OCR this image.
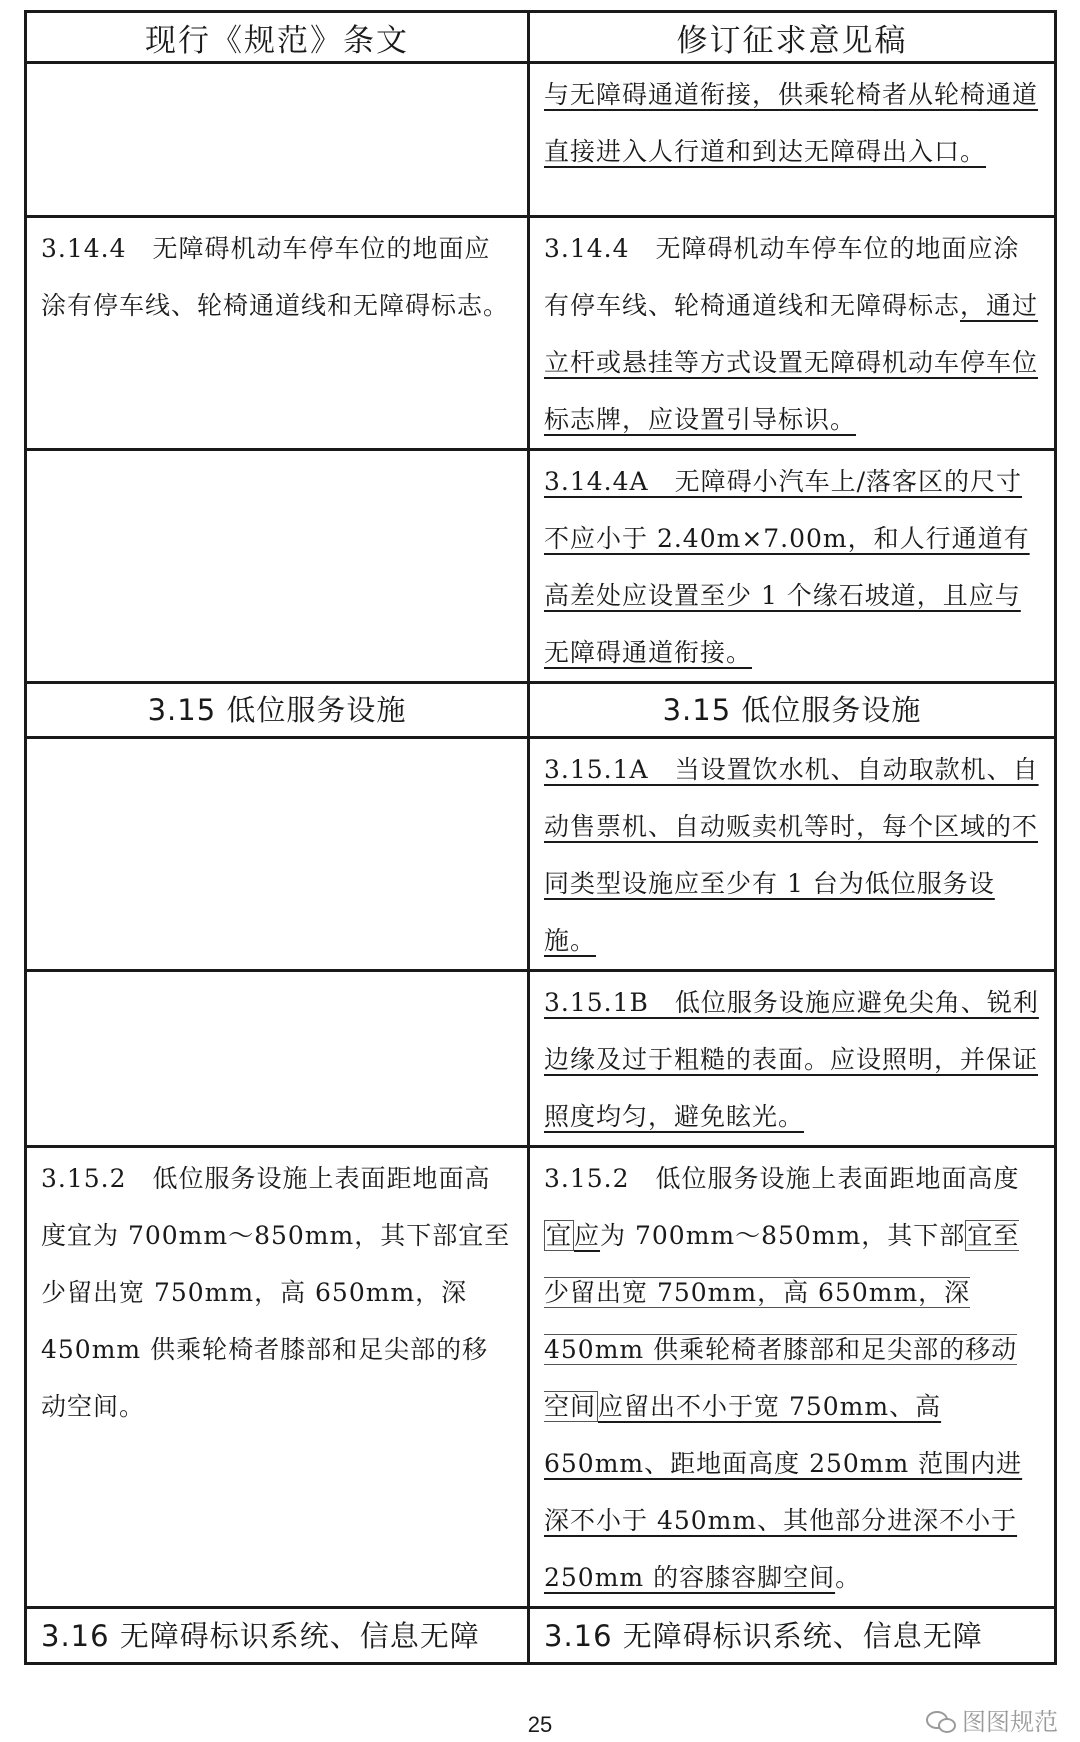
现行《规范》条文	修订征求意见稿

	与无障碍通道衔接，供乘轮椅者从轮椅通道直接进入人行道和到达无障碍出入口。

3.14.4　无障碍机动车停车位的地面应涂有停车线、轮椅通道线和无障碍标志。	3.14.4　无障碍机动车停车位的地面应涂有停车线、轮椅通道线和无障碍标志，通过立杆或悬挂等方式设置无障碍机动车停车位标志牌，应设置引导标识。

	3.14.4A　无障碍小汽车上/落客区的尺寸不应小于 2.40m×7.00m，和人行通道有高差处应设置至少 1 个缘石坡道，且应与无障碍通道衔接。

3.15 低位服务设施	3.15 低位服务设施

	3.15.1A　当设置饮水机、自动取款机、自动售票机、自动贩卖机等时，每个区域的不同类型设施应至少有 1 台为低位服务设施。

	3.15.1B　低位服务设施应避免尖角、锐利边缘及过于粗糙的表面。应设照明，并保证照度均匀，避免眩光。

3.15.2　低位服务设施上表面距地面高度宜为 700mm～850mm，其下部宜至少留出宽 750mm，高 650mm，深 450mm 供乘轮椅者膝部和足尖部的移动空间。	3.15.2　低位服务设施上表面距地面高度宜应为 700mm～850mm，其下部宜至少留出宽 750mm，高 650mm，深 450mm 供乘轮椅者膝部和足尖部的移动空间应留出不小于宽 750mm、高 650mm、距地面高度 250mm 范围内进深不小于 450mm、其他部分进深不小于 250mm 的容膝容脚空间。

3.16 无障碍标识系统、信息无障	3.16 无障碍标识系统、信息无障
25	图图规范
